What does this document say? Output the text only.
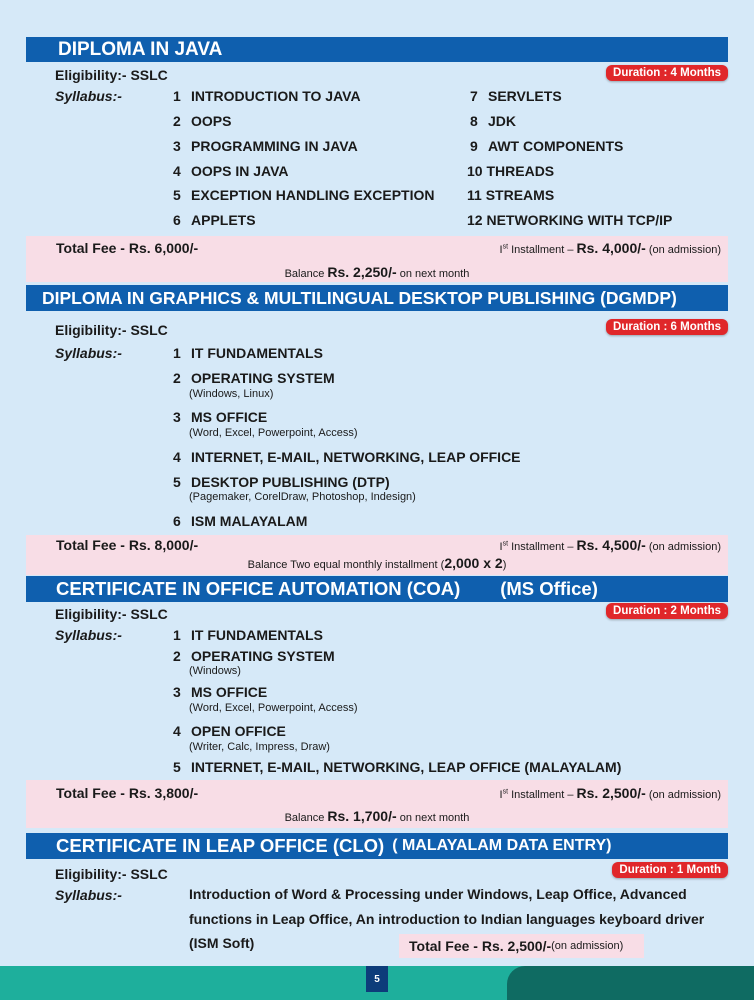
DIPLOMA IN JAVA
Eligibility:- SSLC	Duration : 4 Months
Syllabus:-	1 INTRODUCTION TO JAVA
2 OOPS
3 PROGRAMMING IN JAVA
4 OOPS IN JAVA
5 EXCEPTION HANDLING EXCEPTION
6 APPLETS
7 SERVLETS
8 JDK
9 AWT COMPONENTS
10 THREADS
11 STREAMS
12 NETWORKING WITH TCP/IP
Total Fee - Rs. 6,000/-	Ist Installment – Rs. 4,000/- (on admission)
Balance Rs. 2,250/- on next month
DIPLOMA IN GRAPHICS & MULTILINGUAL DESKTOP PUBLISHING (DGMDP)
Eligibility:- SSLC	Duration : 6 Months
Syllabus:-	1 IT FUNDAMENTALS
2 OPERATING SYSTEM
(Windows, Linux)
3 MS OFFICE
(Word, Excel, Powerpoint, Access)
4 INTERNET, E-MAIL, NETWORKING, LEAP OFFICE
5 DESKTOP PUBLISHING (DTP)
(Pagemaker, CorelDraw, Photoshop, Indesign)
6 ISM MALAYALAM
Total Fee - Rs. 8,000/-	Ist Installment – Rs. 4,500/- (on admission)
Balance Two equal monthly installment (2,000 x 2)
CERTIFICATE IN OFFICE AUTOMATION (COA) (MS Office)
Eligibility:- SSLC	Duration : 2 Months
Syllabus:-	1 IT FUNDAMENTALS
2 OPERATING SYSTEM
(Windows)
3 MS OFFICE
(Word, Excel, Powerpoint, Access)
4 OPEN OFFICE
(Writer, Calc, Impress, Draw)
5 INTERNET, E-MAIL, NETWORKING, LEAP OFFICE (MALAYALAM)
Total Fee - Rs. 3,800/-	Ist Installment – Rs. 2,500/- (on admission)
Balance Rs. 1,700/- on next month
CERTIFICATE IN LEAP OFFICE (CLO) ( MALAYALAM DATA ENTRY)
Eligibility:- SSLC	Duration : 1 Month
Syllabus:-	Introduction of Word & Processing under Windows, Leap Office, Advanced functions in Leap Office, An introduction to Indian languages keyboard driver (ISM Soft)	Total Fee - Rs. 2,500/- (on admission)
5
